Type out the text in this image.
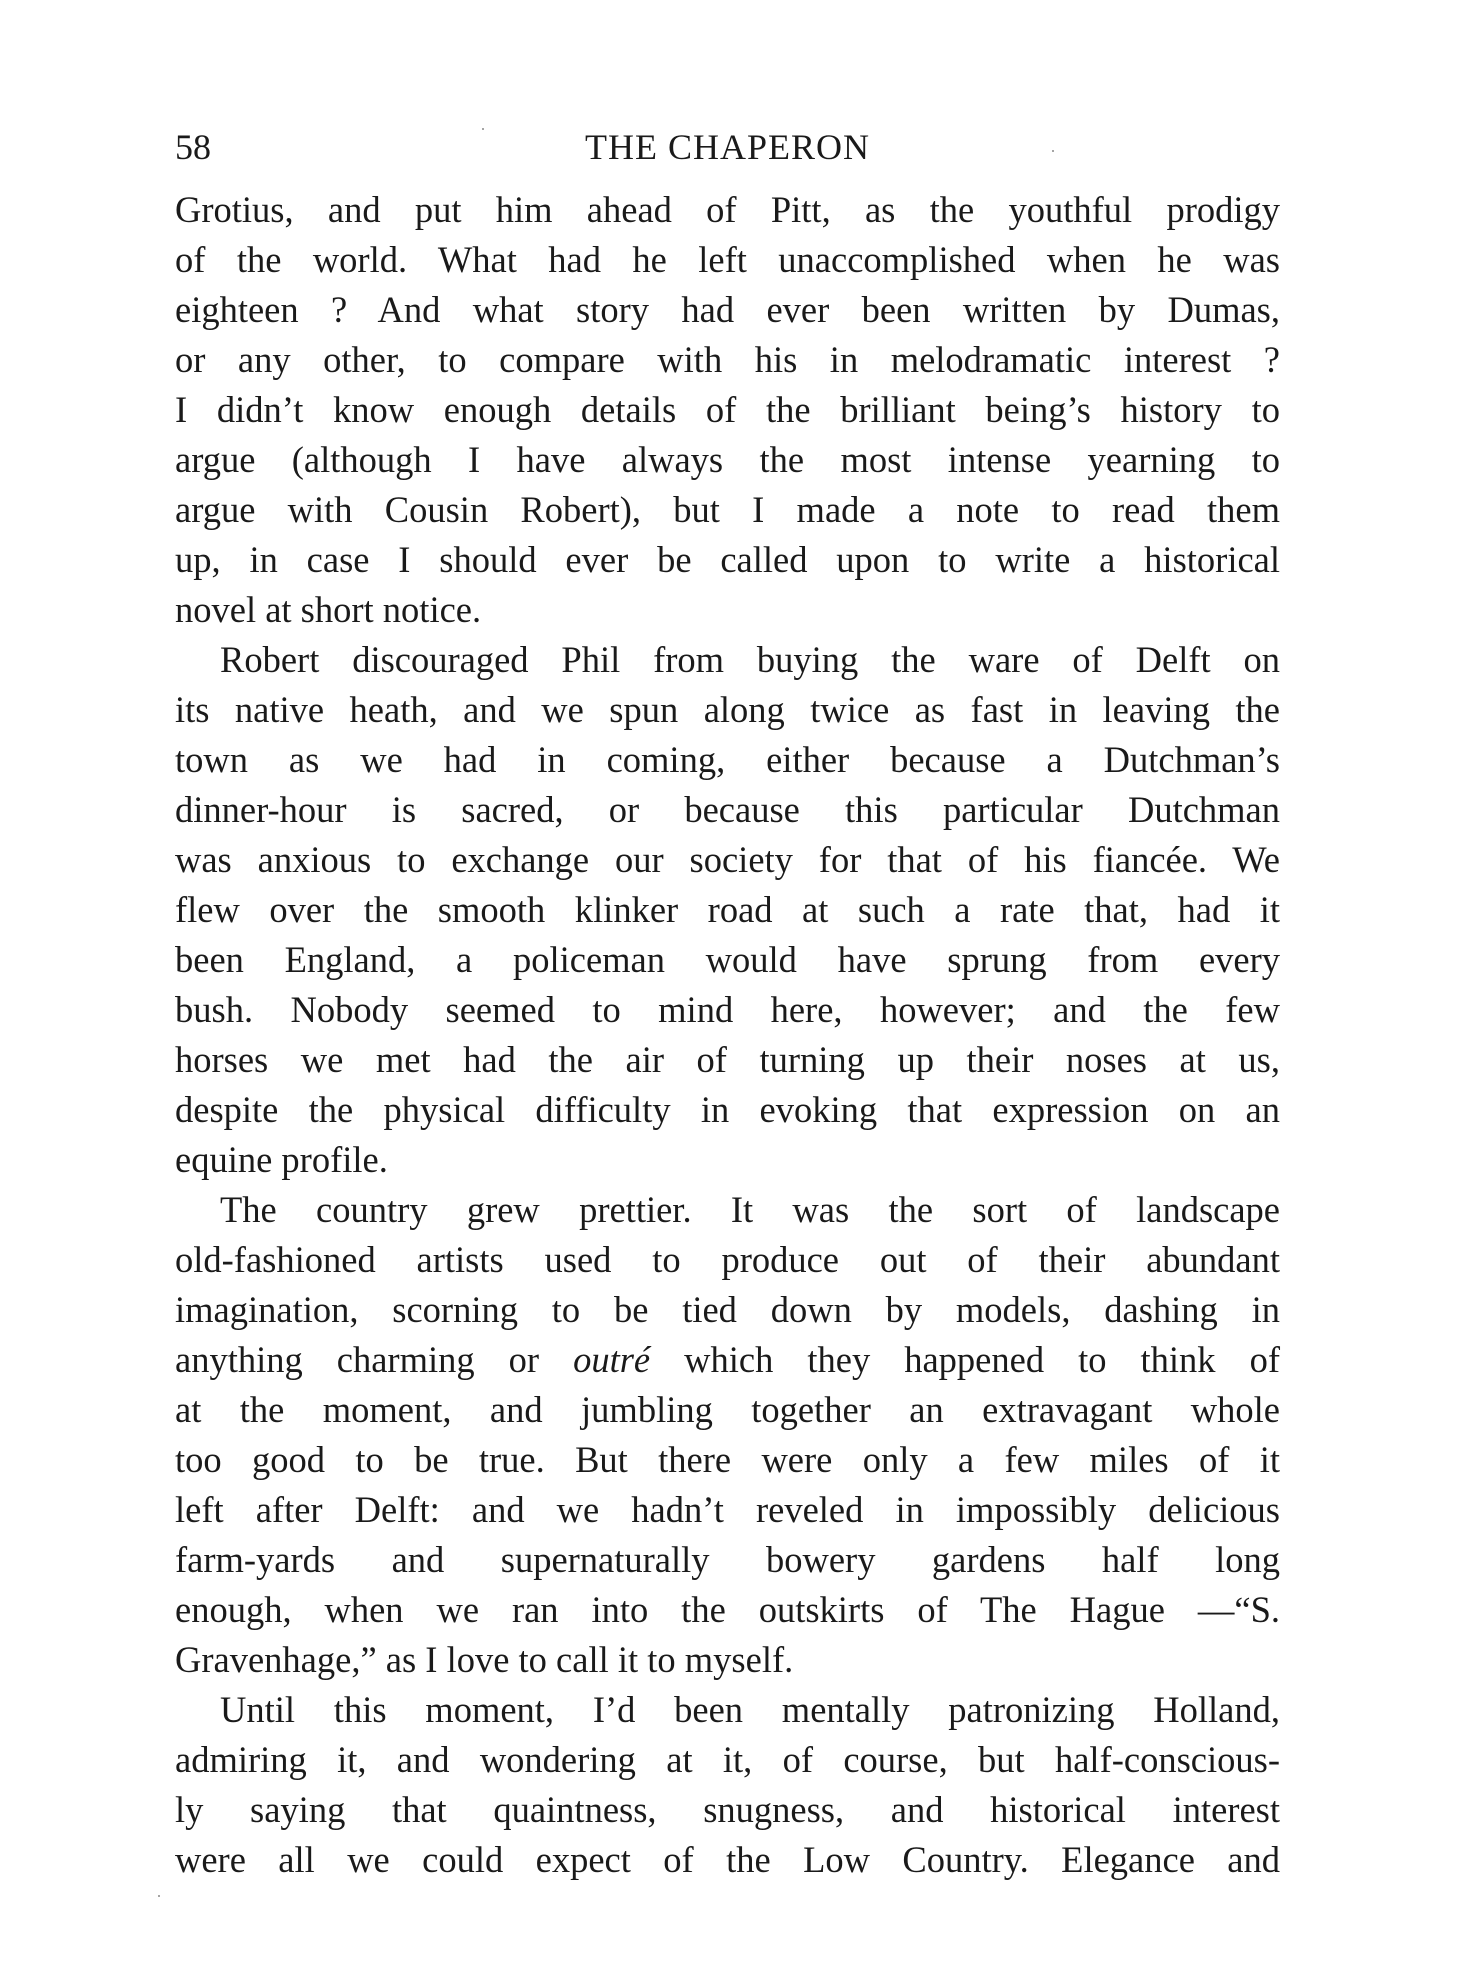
58	THE CHAPERON
Grotius, and put him ahead of Pitt, as the youthful prodigy
of the world. What had he left unaccomplished when he was
eighteen ? And what story had ever been written by Dumas,
or any other, to compare with his in melodramatic interest ?
I didn’t know enough details of the brilliant being’s history to
argue (although I have always the most intense yearning to
argue with Cousin Robert), but I made a note to read them
up, in case I should ever be called upon to write a historical
novel at short notice.
Robert discouraged Phil from buying the ware of Delft on
its native heath, and we spun along twice as fast in leaving the
town as we had in coming, either because a Dutchman’s
dinner-hour is sacred, or because this particular Dutchman
was anxious to exchange our society for that of his fiancée. We
flew over the smooth klinker road at such a rate that, had it
been England, a policeman would have sprung from every
bush. Nobody seemed to mind here, however; and the few
horses we met had the air of turning up their noses at us,
despite the physical difficulty in evoking that expression on an
equine profile.
The country grew prettier. It was the sort of landscape
old-fashioned artists used to produce out of their abundant
imagination, scorning to be tied down by models, dashing in
anything charming or outré which they happened to think of
at the moment, and jumbling together an extravagant whole
too good to be true. But there were only a few miles of it
left after Delft: and we hadn’t reveled in impossibly delicious
farm-yards and supernaturally bowery gardens half long
enough, when we ran into the outskirts of The Hague —“S.
Gravenhage,” as I love to call it to myself.
Until this moment, I’d been mentally patronizing Holland,
admiring it, and wondering at it, of course, but half-conscious-
ly saying that quaintness, snugness, and historical interest
were all we could expect of the Low Country. Elegance and
